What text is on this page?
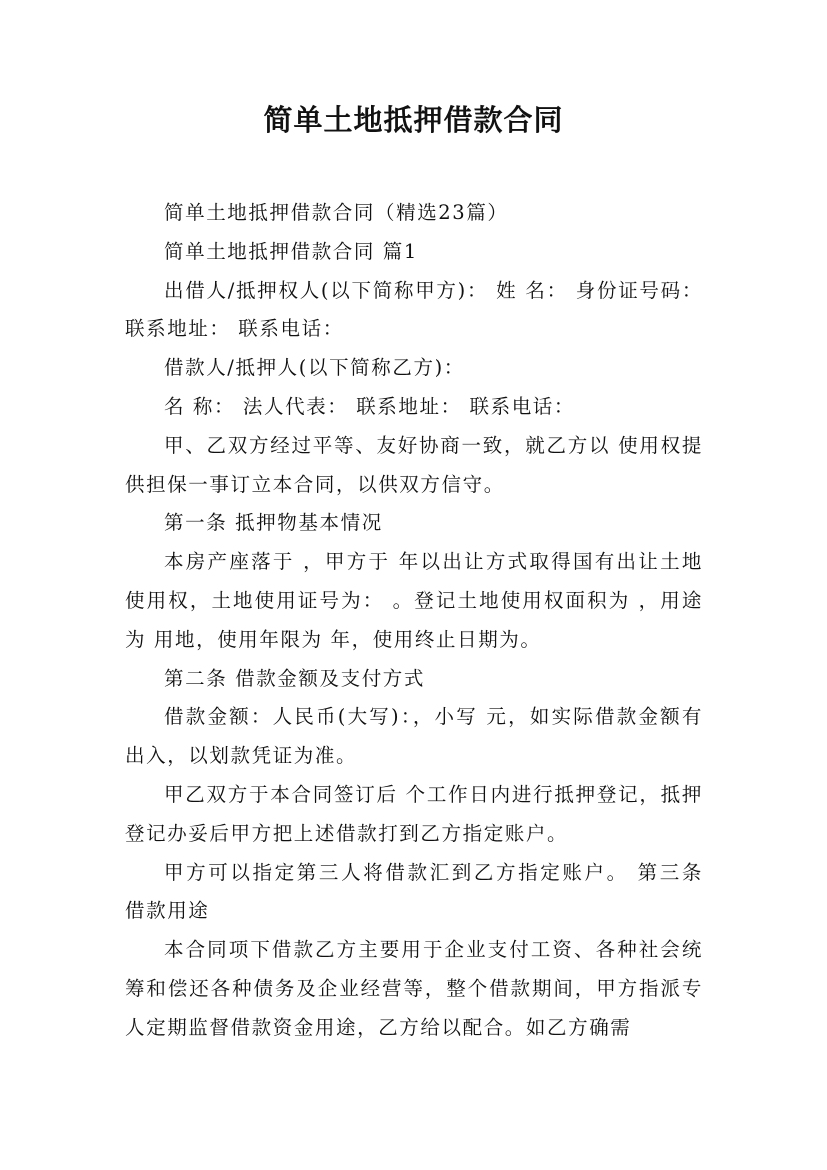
简单土地抵押借款合同

简单土地抵押借款合同（精选23篇）

简单土地抵押借款合同 篇1

出借人/抵押权人(以下简称甲方)： 姓 名： 身份证号码： 联系地址： 联系电话：

借款人/抵押人(以下简称乙方)：

名 称： 法人代表： 联系地址： 联系电话：

甲、乙双方经过平等、友好协商一致，就乙方以 使用权提供担保一事订立本合同，以供双方信守。

第一条 抵押物基本情况

本房产座落于 ，甲方于 年以出让方式取得国有出让土地使用权，土地使用证号为： 。登记土地使用权面积为 ，用途为 用地，使用年限为 年，使用终止日期为。

第二条 借款金额及支付方式

借款金额：人民币(大写)：，小写 元，如实际借款金额有出入，以划款凭证为准。

甲乙双方于本合同签订后 个工作日内进行抵押登记，抵押登记办妥后甲方把上述借款打到乙方指定账户。

甲方可以指定第三人将借款汇到乙方指定账户。 第三条 借款用途

本合同项下借款乙方主要用于企业支付工资、各种社会统筹和偿还各种债务及企业经营等，整个借款期间，甲方指派专人定期监督借款资金用途，乙方给以配合。如乙方确需
